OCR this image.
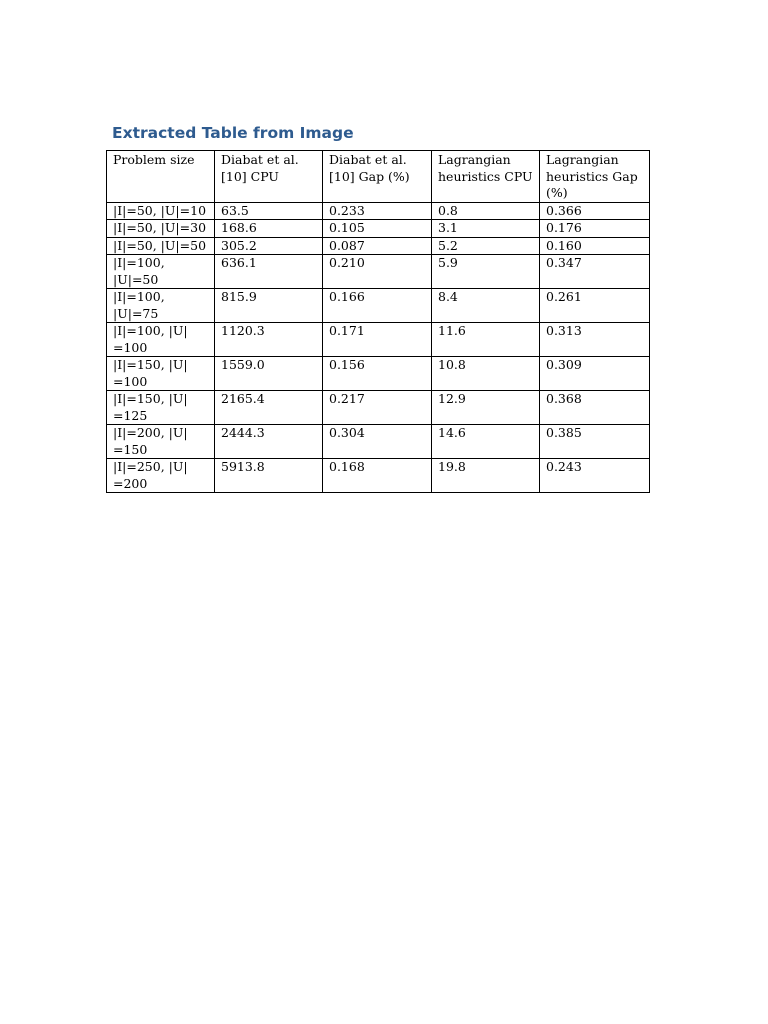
Extracted Table from Image
Problem size	Diabat et al. [10] CPU	Diabat et al. [10] Gap (%)	Lagrangian heuristics CPU	Lagrangian heuristics Gap (%)
|I|=50, |U|=10	63.5	0.233	0.8	0.366
|I|=50, |U|=30	168.6	0.105	3.1	0.176
|I|=50, |U|=50	305.2	0.087	5.2	0.160
|I|=100, |U|=50	636.1	0.210	5.9	0.347
|I|=100, |U|=75	815.9	0.166	8.4	0.261
|I|=100, |U| =100	1120.3	0.171	11.6	0.313
|I|=150, |U| =100	1559.0	0.156	10.8	0.309
|I|=150, |U| =125	2165.4	0.217	12.9	0.368
|I|=200, |U| =150	2444.3	0.304	14.6	0.385
|I|=250, |U| =200	5913.8	0.168	19.8	0.243
